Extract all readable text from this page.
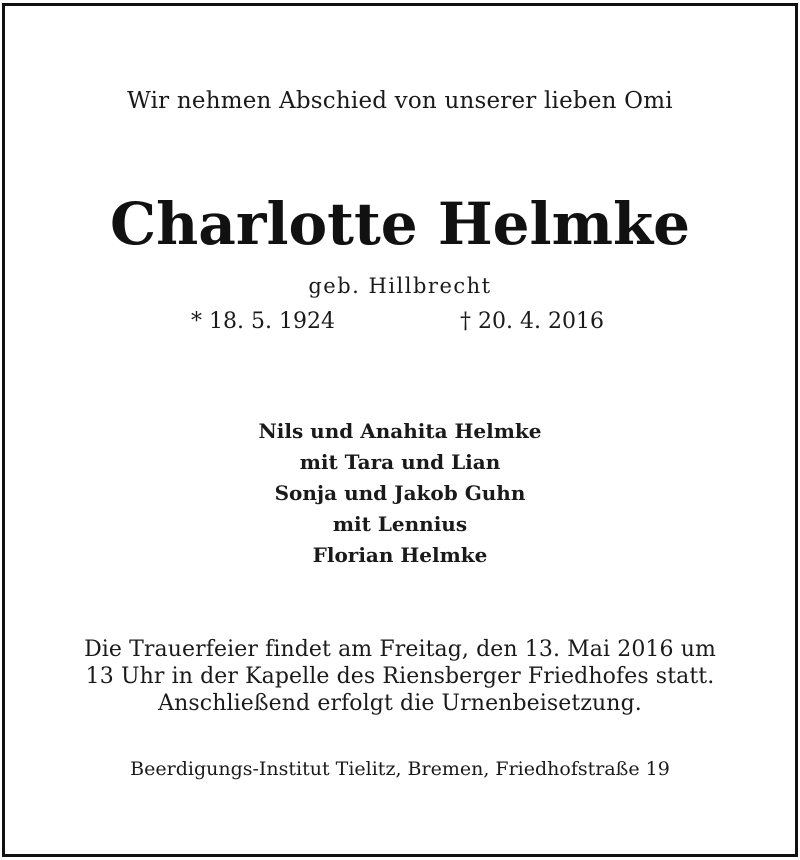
Wir nehmen Abschied von unserer lieben Omi
Charlotte Helmke
geb. Hillbrecht
* 18. 5. 1924	† 20. 4. 2016
Nils und Anahita Helmke
mit Tara und Lian
Sonja und Jakob Guhn
mit Lennius
Florian Helmke
Die Trauerfeier findet am Freitag, den 13. Mai 2016 um
13 Uhr in der Kapelle des Riensberger Friedhofes statt.
Anschließend erfolgt die Urnenbeisetzung.
Beerdigungs-Institut Tielitz, Bremen, Friedhofstraße 19
